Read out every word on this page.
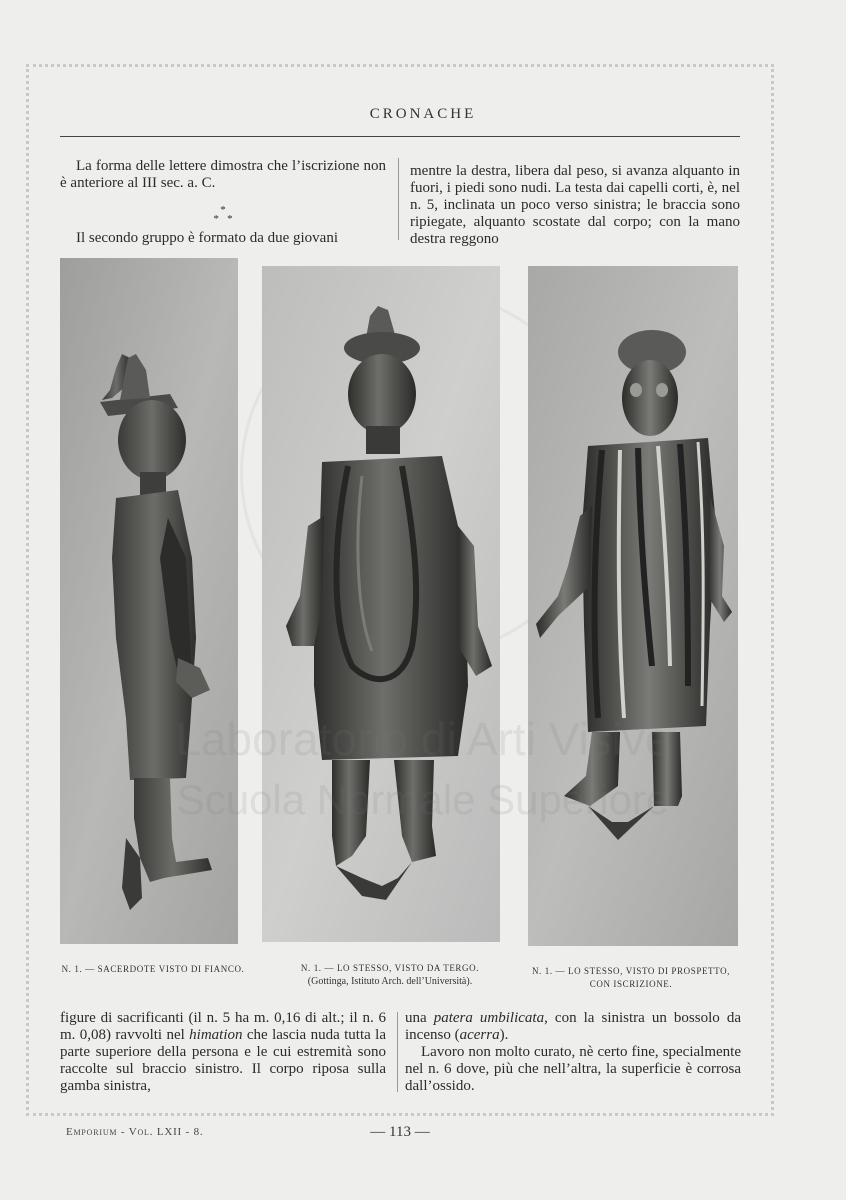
CRONACHE

La forma delle lettere dimostra che l’iscrizione non è anteriore al III sec. a. C.

*
*   *

Il secondo gruppo è formato da due giovani

mentre la destra, libera dal peso, si avanza alquanto in fuori, i piedi sono nudi. La testa dai capelli corti, è, nel n. 5, inclinata un poco verso sinistra; le braccia sono ripiegate, alquanto scostate dal corpo; con la mano destra reggono

N. 1. — SACERDOTE VISTO DI FIANCO.	N. 1. — LO STESSO, VISTO DA TERGO.
(Gottinga, Istituto Arch. dell’Università).
N. 1. — LO STESSO, VISTO DI PROSPETTO,
CON ISCRIZIONE.

figure di sacrificanti (il n. 5 ha m. 0,16 di alt.; il n. 6 m. 0,08) ravvolti nel himation che lascia nuda tutta la parte superiore della persona e le cui estremità sono raccolte sul braccio sinistro. Il corpo riposa sulla gamba sinistra,

una patera umbilicata, con la sinistra un bossolo da incenso (acerra).

Lavoro non molto curato, nè certo fine, specialmente nel n. 6 dove, più che nell’altra, la superficie è corrosa dall’ossido.

Arti
Scuola
Emporium - Vol. LXII - 8.	— 113 —
